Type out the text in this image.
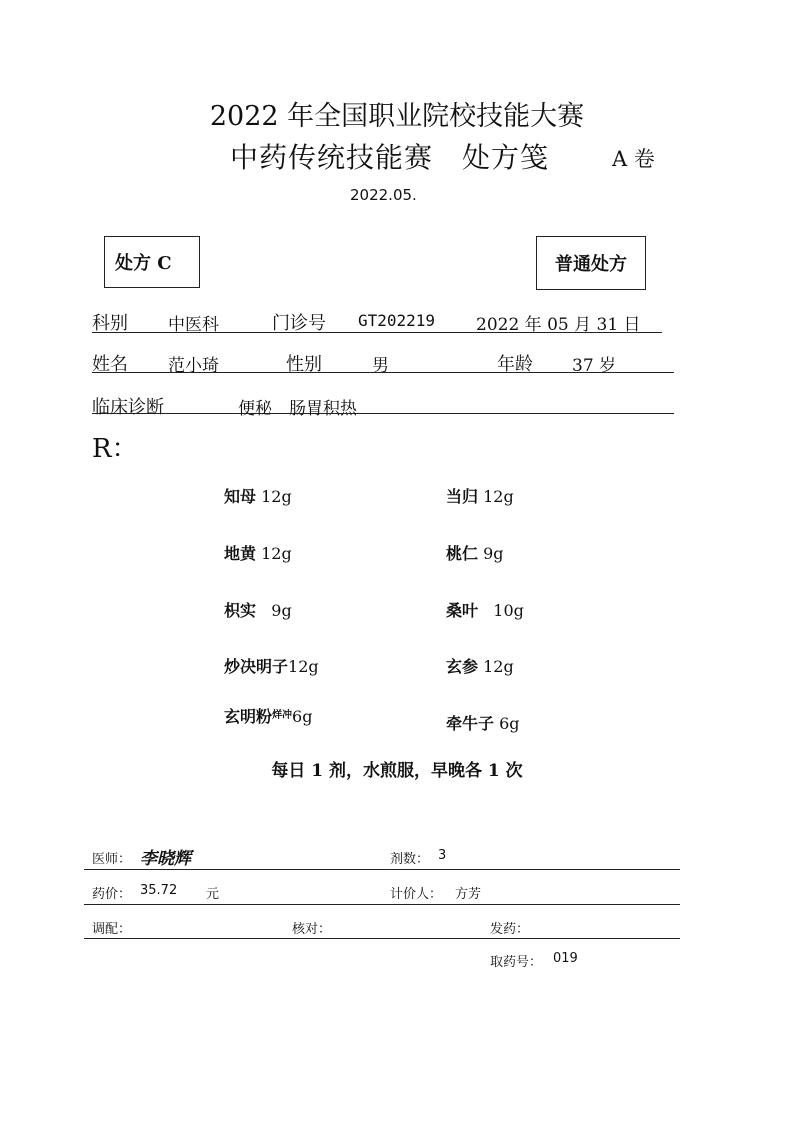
2022 年全国职业院校技能大赛
中药传统技能赛　处方笺	A 卷
2022.05.
处方 C	普通处方
科别 中医科	门诊号 GT202219 2022 年 05 月 31 日
姓名 范小琦	性别	男	年龄 37 岁
临床诊断	便秘　肠胃积热
R：
知母 12g	当归 12g
地黄 12g	桃仁 9g
枳实 9g	桑叶 10g
炒决明子12g	玄参 12g
玄明粉$^{烊冲}$6g	牵牛子 6g
每日 1 剂，水煎服，早晚各 1 次
医师： 李晓辉	剂数： 3
药价： 35.72 元	计价人： 方芳
调配：	核对：	发药：
取药号： 019
